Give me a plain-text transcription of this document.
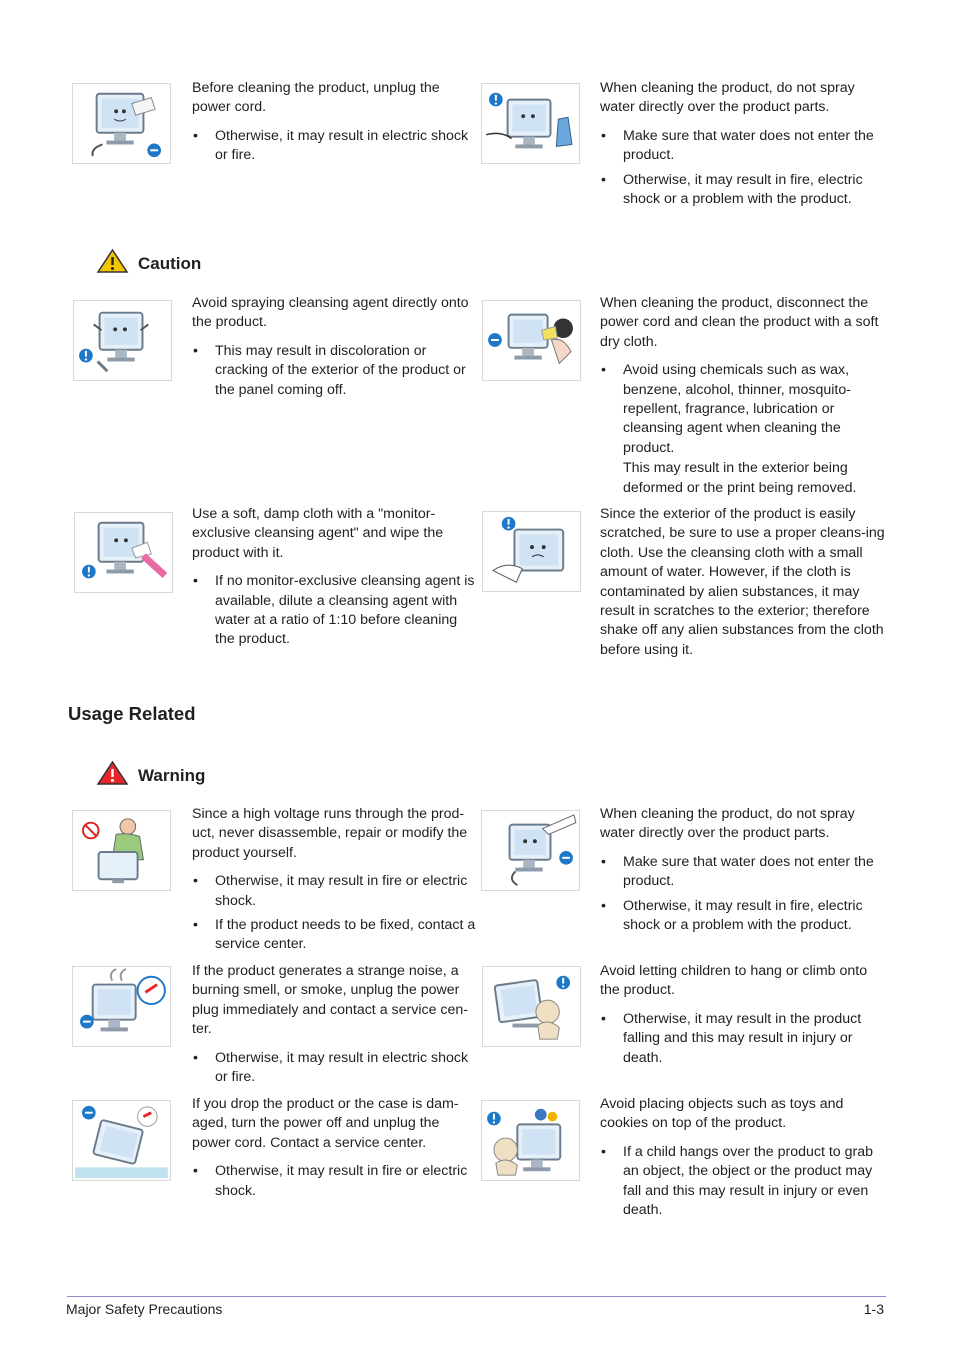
Before cleaning the product, unplug the power cord.

• Otherwise, it may result in electric shock or fire.

When cleaning the product, do not spray water directly over the product parts.

• Make sure that water does not enter the product.
• Otherwise, it may result in fire, electric shock or a problem with the product.
Caution

Avoid spraying cleansing agent directly onto the product.

• This may result in discoloration or cracking of the exterior of the product or the panel coming off.

When cleaning the product, disconnect the power cord and clean the product with a soft dry cloth.

• Avoid using chemicals such as wax, benzene, alcohol, thinner, mosquito-repellent, fragrance, lubrication or cleansing agent when cleaning the product.
This may result in the exterior being deformed or the print being removed.

Use a soft, damp cloth with a "monitor-exclusive cleansing agent" and wipe the product with it.

• If no monitor-exclusive cleansing agent is available, dilute a cleansing agent with water at a ratio of 1:10 before cleaning the product.

Since the exterior of the product is easily scratched, be sure to use a proper cleans-ing cloth. Use the cleansing cloth with a small amount of water. However, if the cloth is contaminated by alien substances, it may result in scratches to the exterior; therefore shake off any alien substances from the cloth before using it.

Usage Related
Warning

Since a high voltage runs through the prod-uct, never disassemble, repair or modify the product yourself.

• Otherwise, it may result in fire or electric shock.
• If the product needs to be fixed, contact a service center.

When cleaning the product, do not spray water directly over the product parts.

• Make sure that water does not enter the product.
• Otherwise, it may result in fire, electric shock or a problem with the product.

If the product generates a strange noise, a burning smell, or smoke, unplug the power plug immediately and contact a service cen-ter.

• Otherwise, it may result in electric shock or fire.

Avoid letting children to hang or climb onto the product.

• Otherwise, it may result in the product falling and this may result in injury or death.

If you drop the product or the case is dam-aged, turn the power off and unplug the power cord. Contact a service center.

• Otherwise, it may result in fire or electric shock.

Avoid placing objects such as toys and cookies on top of the product.

• If a child hangs over the product to grab an object, the object or the product may fall and this may result in injury or even death.
Major Safety Precautions	1-3
